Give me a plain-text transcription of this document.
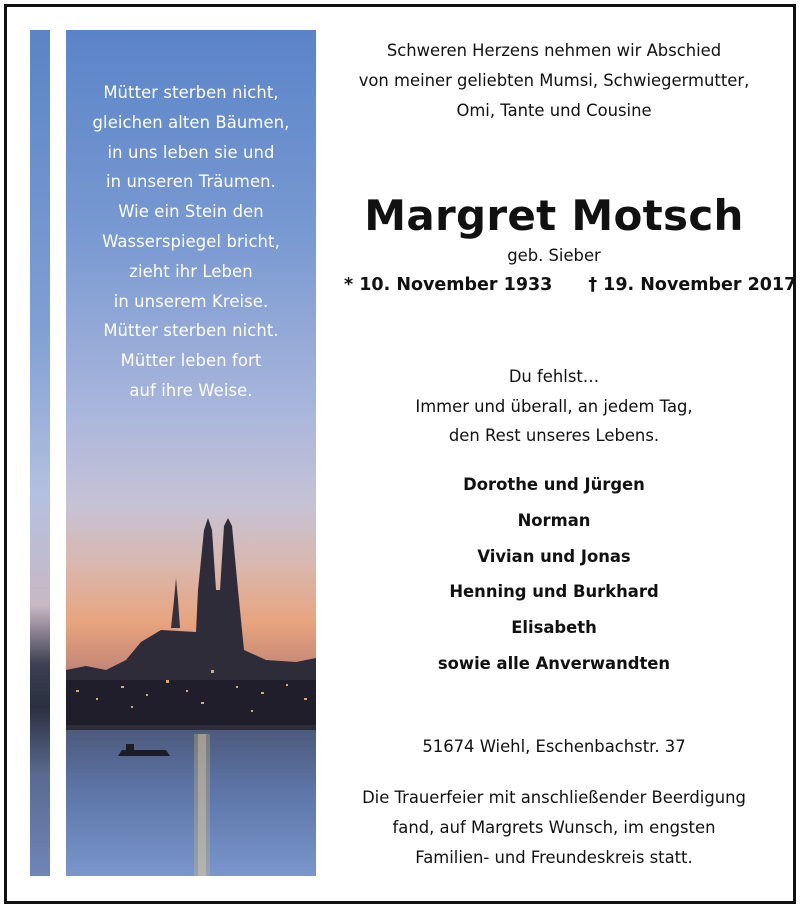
Mütter sterben nicht,
gleichen alten Bäumen,
in uns leben sie und
in unseren Träumen.
Wie ein Stein den
Wasserspiegel bricht,
zieht ihr Leben
in unserem Kreise.
Mütter sterben nicht.
Mütter leben fort
auf ihre Weise.
Schweren Herzens nehmen wir Abschied
von meiner geliebten Mumsi, Schwiegermutter,
Omi, Tante und Cousine
Margret Motsch
geb. Sieber
* 10. November 1933 † 19. November 2017
Du fehlst…
Immer und überall, an jedem Tag,
den Rest unseres Lebens.
Dorothe und Jürgen
Norman
Vivian und Jonas
Henning und Burkhard
Elisabeth
sowie alle Anverwandten
51674 Wiehl, Eschenbachstr. 37
Die Trauerfeier mit anschließender Beerdigung
fand, auf Margrets Wunsch, im engsten
Familien- und Freundeskreis statt.
